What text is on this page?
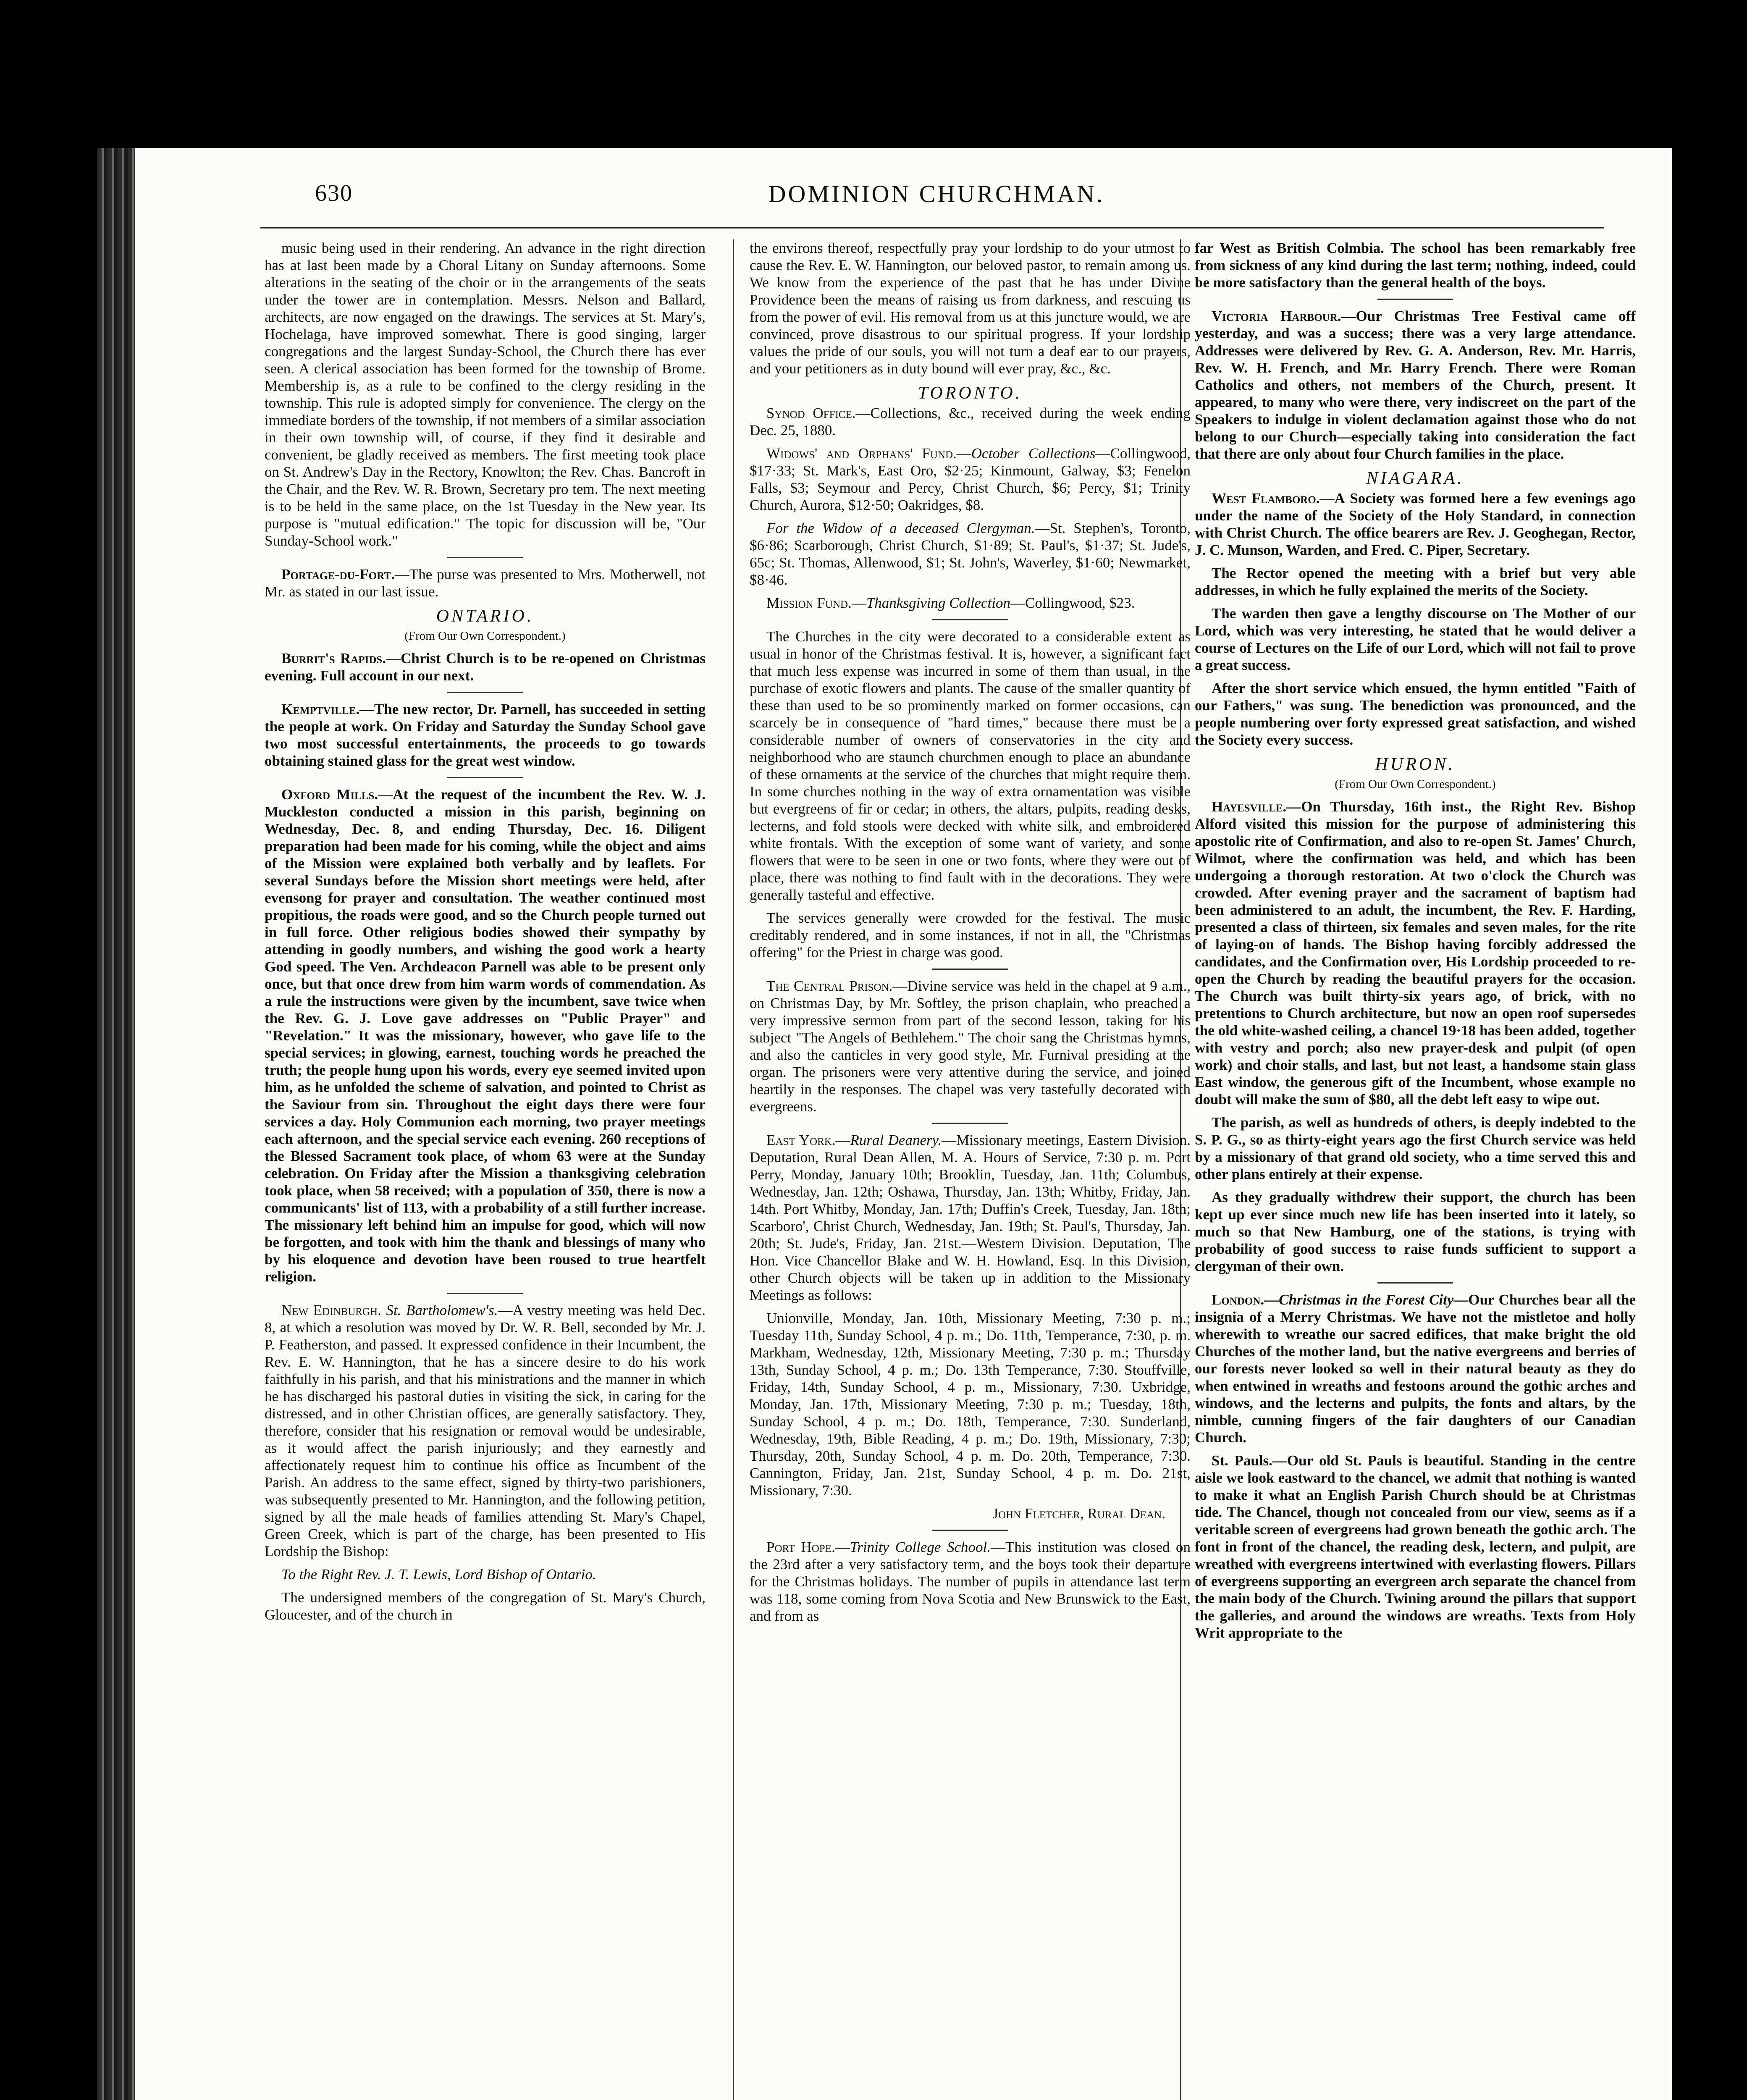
630	DOMINION CHURCHMAN.

music being used in their rendering. An advance in the right direction has at last been made by a Choral Litany on Sunday afternoons. Some alterations in the seating of the choir or in the arrangements of the seats under the tower are in contemplation. Messrs. Nelson and Ballard, architects, are now engaged on the drawings. The services at St. Mary's, Hochelaga, have improved somewhat. There is good singing, larger congregations and the largest Sunday-School, the Church there has ever seen. A clerical association has been formed for the township of Brome. Membership is, as a rule to be confined to the clergy residing in the township. This rule is adopted simply for convenience. The clergy on the immediate borders of the township, if not members of a similar association in their own township will, of course, if they find it desirable and convenient, be gladly received as members. The first meeting took place on St. Andrew's Day in the Rectory, Knowlton; the Rev. Chas. Bancroft in the Chair, and the Rev. W. R. Brown, Secretary pro tem. The next meeting is to be held in the same place, on the 1st Tuesday in the New year. Its purpose is "mutual edification." The topic for discussion will be, "Our Sunday-School work."

Portage-du-Fort.—The purse was presented to Mrs. Motherwell, not Mr. as stated in our last issue.

ONTARIO.

(From Our Own Correspondent.)

Burrit's Rapids.—Christ Church is to be re-opened on Christmas evening. Full account in our next.

Kemptville.—The new rector, Dr. Parnell, has succeeded in setting the people at work. On Friday and Saturday the Sunday School gave two most successful entertainments, the proceeds to go towards obtaining stained glass for the great west window.

Oxford Mills.—At the request of the incumbent the Rev. W. J. Muckleston conducted a mission in this parish, beginning on Wednesday, Dec. 8, and ending Thursday, Dec. 16. Diligent preparation had been made for his coming, while the object and aims of the Mission were explained both verbally and by leaflets. For several Sundays before the Mission short meetings were held, after evensong for prayer and consultation. The weather continued most propitious, the roads were good, and so the Church people turned out in full force. Other religious bodies showed their sympathy by attending in goodly numbers, and wishing the good work a hearty God speed. The Ven. Archdeacon Parnell was able to be present only once, but that once drew from him warm words of commendation. As a rule the instructions were given by the incumbent, save twice when the Rev. G. J. Love gave addresses on "Public Prayer" and "Revelation." It was the missionary, however, who gave life to the special services; in glowing, earnest, touching words he preached the truth; the people hung upon his words, every eye seemed invited upon him, as he unfolded the scheme of salvation, and pointed to Christ as the Saviour from sin. Throughout the eight days there were four services a day. Holy Communion each morning, two prayer meetings each afternoon, and the special service each evening. 260 receptions of the Blessed Sacrament took place, of whom 63 were at the Sunday celebration. On Friday after the Mission a thanksgiving celebration took place, when 58 received; with a population of 350, there is now a communicants' list of 113, with a probability of a still further increase. The missionary left behind him an impulse for good, which will now be forgotten, and took with him the thank and blessings of many who by his eloquence and devotion have been roused to true heartfelt religion.

New Edinburgh. St. Bartholomew's.—A vestry meeting was held Dec. 8, at which a resolution was moved by Dr. W. R. Bell, seconded by Mr. J. P. Featherston, and passed. It expressed confidence in their Incumbent, the Rev. E. W. Hannington, that he has a sincere desire to do his work faithfully in his parish, and that his ministrations and the manner in which he has discharged his pastoral duties in visiting the sick, in caring for the distressed, and in other Christian offices, are generally satisfactory. They, therefore, consider that his resignation or removal would be undesirable, as it would affect the parish injuriously; and they earnestly and affectionately request him to continue his office as Incumbent of the Parish. An address to the same effect, signed by thirty-two parishioners, was subsequently presented to Mr. Hannington, and the following petition, signed by all the male heads of families attending St. Mary's Chapel, Green Creek, which is part of the charge, has been presented to His Lordship the Bishop:

To the Right Rev. J. T. Lewis, Lord Bishop of Ontario.

The undersigned members of the congregation of St. Mary's Church, Gloucester, and of the church in

the environs thereof, respectfully pray your lordship to do your utmost to cause the Rev. E. W. Hannington, our beloved pastor, to remain among us. We know from the experience of the past that he has under Divine Providence been the means of raising us from darkness, and rescuing us from the power of evil. His removal from us at this juncture would, we are convinced, prove disastrous to our spiritual progress. If your lordship values the pride of our souls, you will not turn a deaf ear to our prayers, and your petitioners as in duty bound will ever pray, &c., &c.

TORONTO.

Synod Office.—Collections, &c., received during the week ending Dec. 25, 1880.

Widows' and Orphans' Fund.—October Collections—Collingwood, $17·33; St. Mark's, East Oro, $2·25; Kinmount, Galway, $3; Fenelon Falls, $3; Seymour and Percy, Christ Church, $6; Percy, $1; Trinity Church, Aurora, $12·50; Oakridges, $8.

For the Widow of a deceased Clergyman.—St. Stephen's, Toronto, $6·86; Scarborough, Christ Church, $1·89; St. Paul's, $1·37; St. Jude's, 65c; St. Thomas, Allenwood, $1; St. John's, Waverley, $1·60; Newmarket, $8·46.

Mission Fund.—Thanksgiving Collection—Collingwood, $23.

The Churches in the city were decorated to a considerable extent as usual in honor of the Christmas festival. It is, however, a significant fact that much less expense was incurred in some of them than usual, in the purchase of exotic flowers and plants. The cause of the smaller quantity of these than used to be so prominently marked on former occasions, can scarcely be in consequence of "hard times," because there must be a considerable number of owners of conservatories in the city and neighborhood who are staunch churchmen enough to place an abundance of these ornaments at the service of the churches that might require them. In some churches nothing in the way of extra ornamentation was visible but evergreens of fir or cedar; in others, the altars, pulpits, reading desks, lecterns, and fold stools were decked with white silk, and embroidered white frontals. With the exception of some want of variety, and some flowers that were to be seen in one or two fonts, where they were out of place, there was nothing to find fault with in the decorations. They were generally tasteful and effective.

The services generally were crowded for the festival. The music creditably rendered, and in some instances, if not in all, the "Christmas offering" for the Priest in charge was good.

The Central Prison.—Divine service was held in the chapel at 9 a.m., on Christmas Day, by Mr. Softley, the prison chaplain, who preached a very impressive sermon from part of the second lesson, taking for his subject "The Angels of Bethlehem." The choir sang the Christmas hymns, and also the canticles in very good style, Mr. Furnival presiding at the organ. The prisoners were very attentive during the service, and joined heartily in the responses. The chapel was very tastefully decorated with evergreens.

East York.—Rural Deanery.—Missionary meetings, Eastern Division. Deputation, Rural Dean Allen, M. A. Hours of Service, 7:30 p. m. Port Perry, Monday, January 10th; Brooklin, Tuesday, Jan. 11th; Columbus, Wednesday, Jan. 12th; Oshawa, Thursday, Jan. 13th; Whitby, Friday, Jan. 14th. Port Whitby, Monday, Jan. 17th; Duffin's Creek, Tuesday, Jan. 18th; Scarboro', Christ Church, Wednesday, Jan. 19th; St. Paul's, Thursday, Jan. 20th; St. Jude's, Friday, Jan. 21st.—Western Division. Deputation, The Hon. Vice Chancellor Blake and W. H. Howland, Esq. In this Division, other Church objects will be taken up in addition to the Missionary Meetings as follows:

Unionville, Monday, Jan. 10th, Missionary Meeting, 7:30 p. m.; Tuesday 11th, Sunday School, 4 p. m.; Do. 11th, Temperance, 7:30, p. m. Markham, Wednesday, 12th, Missionary Meeting, 7:30 p. m.; Thursday 13th, Sunday School, 4 p. m.; Do. 13th Temperance, 7:30. Stouffville, Friday, 14th, Sunday School, 4 p. m., Missionary, 7:30. Uxbridge, Monday, Jan. 17th, Missionary Meeting, 7:30 p. m.; Tuesday, 18th, Sunday School, 4 p. m.; Do. 18th, Temperance, 7:30. Sunderland, Wednesday, 19th, Bible Reading, 4 p. m.; Do. 19th, Missionary, 7:30; Thursday, 20th, Sunday School, 4 p. m. Do. 20th, Temperance, 7:30. Cannington, Friday, Jan. 21st, Sunday School, 4 p. m. Do. 21st, Missionary, 7:30.

John Fletcher, Rural Dean.

Port Hope.—Trinity College School.—This institution was closed on the 23rd after a very satisfactory term, and the boys took their departure for the Christmas holidays. The number of pupils in attendance last term was 118, some coming from Nova Scotia and New Brunswick to the East, and from as

far West as British Colmbia. The school has been remarkably free from sickness of any kind during the last term; nothing, indeed, could be more satisfactory than the general health of the boys.

Victoria Harbour.—Our Christmas Tree Festival came off yesterday, and was a success; there was a very large attendance. Addresses were delivered by Rev. G. A. Anderson, Rev. Mr. Harris, Rev. W. H. French, and Mr. Harry French. There were Roman Catholics and others, not members of the Church, present. It appeared, to many who were there, very indiscreet on the part of the Speakers to indulge in violent declamation against those who do not belong to our Church—especially taking into consideration the fact that there are only about four Church families in the place.

NIAGARA.

West Flamboro.—A Society was formed here a few evenings ago under the name of the Society of the Holy Standard, in connection with Christ Church. The office bearers are Rev. J. Geoghegan, Rector, J. C. Munson, Warden, and Fred. C. Piper, Secretary.

The Rector opened the meeting with a brief but very able addresses, in which he fully explained the merits of the Society.

The warden then gave a lengthy discourse on The Mother of our Lord, which was very interesting, he stated that he would deliver a course of Lectures on the Life of our Lord, which will not fail to prove a great success.

After the short service which ensued, the hymn entitled "Faith of our Fathers," was sung. The benediction was pronounced, and the people numbering over forty expressed great satisfaction, and wished the Society every success.

HURON.

(From Our Own Correspondent.)

Hayesville.—On Thursday, 16th inst., the Right Rev. Bishop Alford visited this mission for the purpose of administering this apostolic rite of Confirmation, and also to re-open St. James' Church, Wilmot, where the confirmation was held, and which has been undergoing a thorough restoration. At two o'clock the Church was crowded. After evening prayer and the sacrament of baptism had been administered to an adult, the incumbent, the Rev. F. Harding, presented a class of thirteen, six females and seven males, for the rite of laying-on of hands. The Bishop having forcibly addressed the candidates, and the Confirmation over, His Lordship proceeded to re-open the Church by reading the beautiful prayers for the occasion. The Church was built thirty-six years ago, of brick, with no pretentions to Church architecture, but now an open roof supersedes the old white-washed ceiling, a chancel 19·18 has been added, together with vestry and porch; also new prayer-desk and pulpit (of open work) and choir stalls, and last, but not least, a handsome stain glass East window, the generous gift of the Incumbent, whose example no doubt will make the sum of $80, all the debt left easy to wipe out.

The parish, as well as hundreds of others, is deeply indebted to the S. P. G., so as thirty-eight years ago the first Church service was held by a missionary of that grand old society, who a time served this and other plans entirely at their expense.

As they gradually withdrew their support, the church has been kept up ever since much new life has been inserted into it lately, so much so that New Hamburg, one of the stations, is trying with probability of good success to raise funds sufficient to support a clergyman of their own.

London.—Christmas in the Forest City—Our Churches bear all the insignia of a Merry Christmas. We have not the mistletoe and holly wherewith to wreathe our sacred edifices, that make bright the old Churches of the mother land, but the native evergreens and berries of our forests never looked so well in their natural beauty as they do when entwined in wreaths and festoons around the gothic arches and windows, and the lecterns and pulpits, the fonts and altars, by the nimble, cunning fingers of the fair daughters of our Canadian Church.

St. Pauls.—Our old St. Pauls is beautiful. Standing in the centre aisle we look eastward to the chancel, we admit that nothing is wanted to make it what an English Parish Church should be at Christmas tide. The Chancel, though not concealed from our view, seems as if a veritable screen of evergreens had grown beneath the gothic arch. The font in front of the chancel, the reading desk, lectern, and pulpit, are wreathed with evergreens intertwined with everlasting flowers. Pillars of evergreens supporting an evergreen arch separate the chancel from the main body of the Church. Twining around the pillars that support the galleries, and around the windows are wreaths. Texts from Holy Writ appropriate to the
